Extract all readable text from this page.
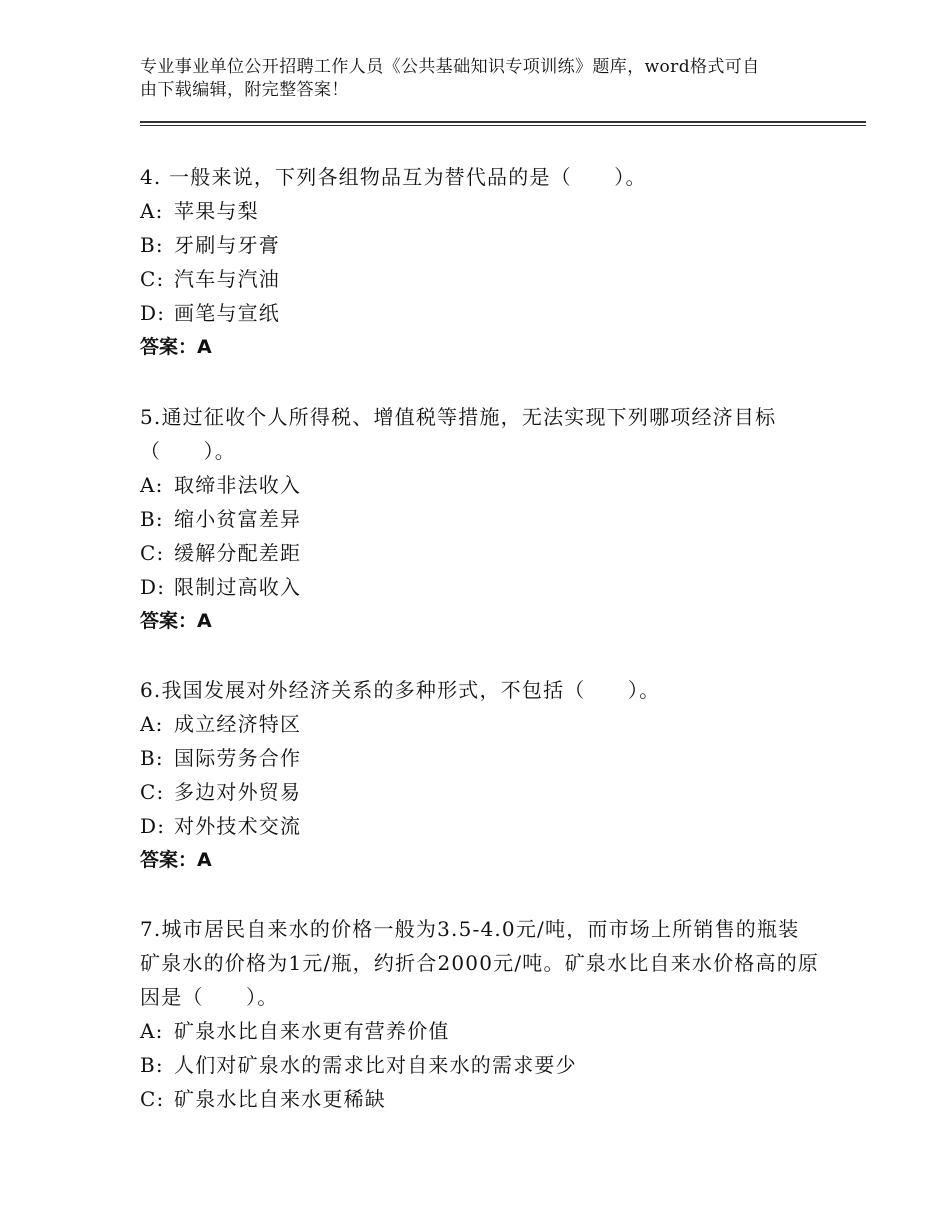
专业事业单位公开招聘工作人员《公共基础知识专项训练》题库，word格式可自
由下载编辑，附完整答案！

4. 一般来说，下列各组物品互为替代品的是（　　）。

A: 苹果与梨

B: 牙刷与牙膏

C: 汽车与汽油

D: 画笔与宣纸

答案：A

5.通过征收个人所得税、增值税等措施，无法实现下列哪项经济目标（　　）。

A: 取缔非法收入

B: 缩小贫富差异

C: 缓解分配差距

D: 限制过高收入

答案：A

6.我国发展对外经济关系的多种形式，不包括（　　）。

A: 成立经济特区

B: 国际劳务合作

C: 多边对外贸易

D: 对外技术交流

答案：A

7.城市居民自来水的价格一般为3.5-4.0元/吨，而市场上所销售的瓶装矿泉水的价格为1元/瓶，约折合2000元/吨。矿泉水比自来水价格高的原因是（　　）。

A: 矿泉水比自来水更有营养价值

B: 人们对矿泉水的需求比对自来水的需求要少

C: 矿泉水比自来水更稀缺
